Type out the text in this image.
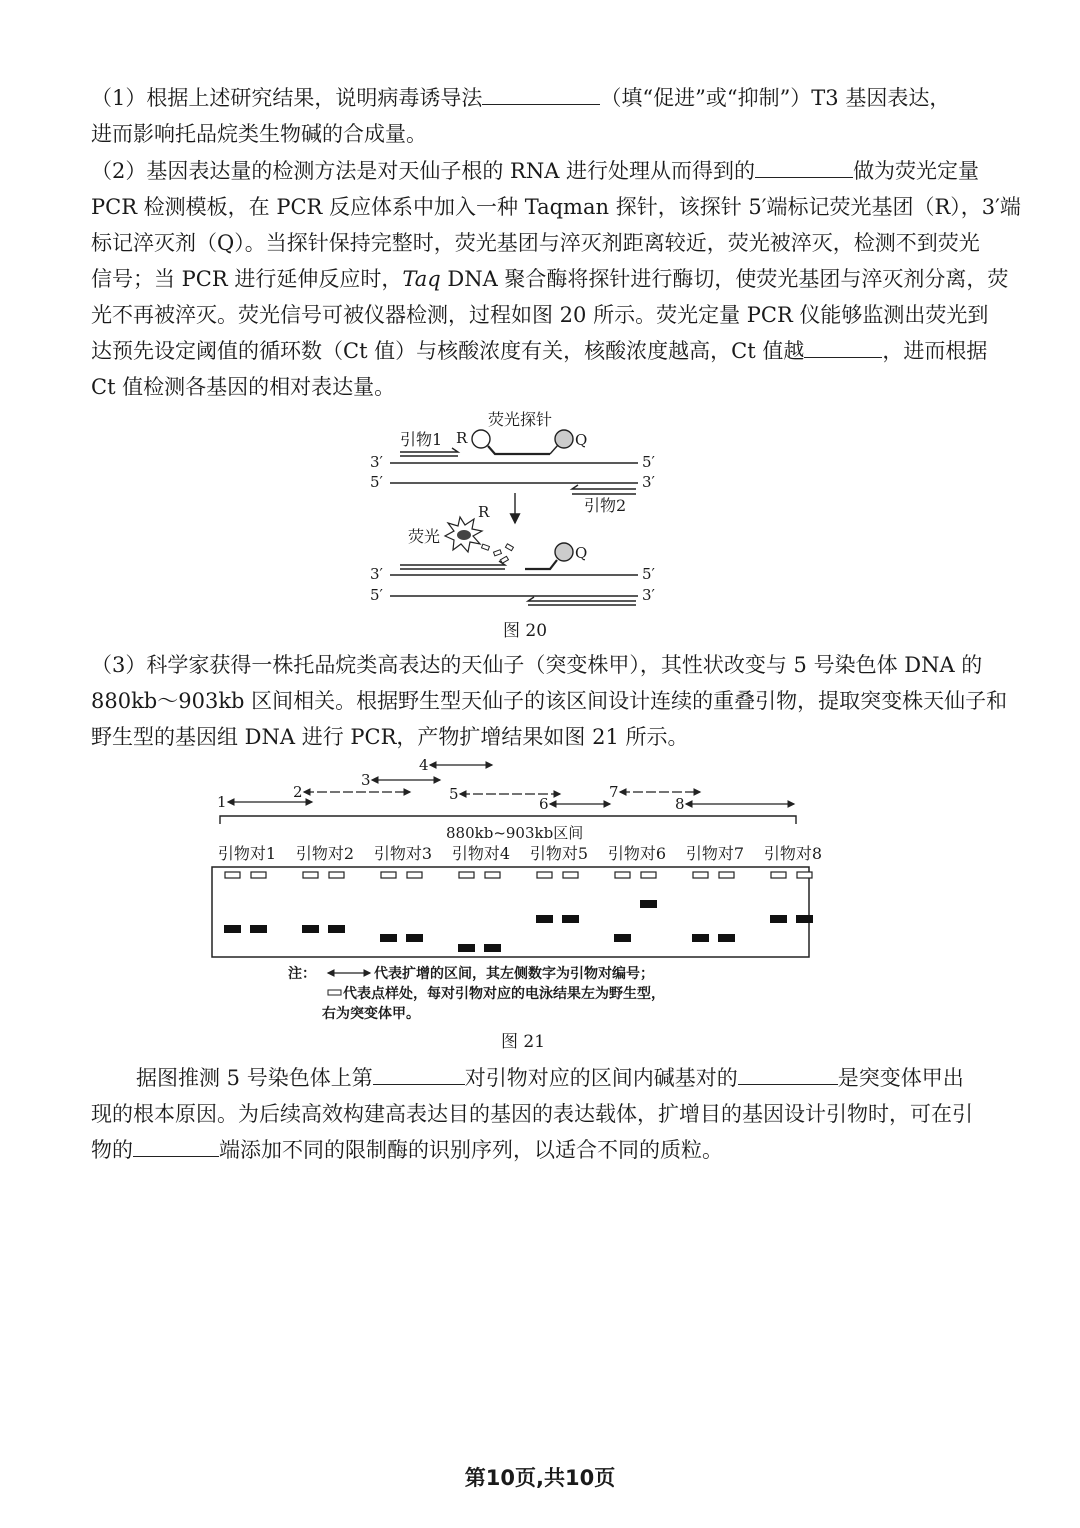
（1）根据上述研究结果，说明病毒诱导法	（填“促进”或“抑制”）T3 基因表达，
进而影响托品烷类生物碱的合成量。
（2）基因表达量的检测方法是对天仙子根的 RNA 进行处理从而得到的	做为荧光定量
PCR 检测模板，在 PCR 反应体系中加入一种 Taqman 探针，该探针 5′端标记荧光基团（R），3′端
标记淬灭剂（Q）。当探针保持完整时，荧光基团与淬灭剂距离较近，荧光被淬灭，检测不到荧光
信号；当 PCR 进行延伸反应时，Taq DNA 聚合酶将探针进行酶切，使荧光基团与淬灭剂分离，荧
光不再被淬灭。荧光信号可被仪器检测，过程如图 20 所示。荧光定量 PCR 仪能够监测出荧光到
达预先设定阈值的循环数（Ct 值）与核酸浓度有关，核酸浓度越高，Ct 值越	，进而根据
Ct 值检测各基因的相对表达量。
荧光探针
引物1 R	Q
3′	5′
5′	3′
引物2
荧光
R
Q
3′	5′
5′	3′
图 20
（3）科学家获得一株托品烷类高表达的天仙子（突变株甲），其性状改变与 5 号染色体 DNA 的
880kb～903kb 区间相关。根据野生型天仙子的该区间设计连续的重叠引物，提取突变株天仙子和
野生型的基因组 DNA 进行 PCR，产物扩增结果如图 21 所示。
1
2
3
4
5
6
7
8
880kb~903kb区间
引物对1 引物对2 引物对3 引物对4 引物对5 引物对6 引物对7 引物对8
注：	代表扩增的区间，其左侧数字为引物对编号；
代表点样处，每对引物对应的电泳结果左为野生型，
右为突变体甲。
图 21
据图推测 5 号染色体上第	对引物对应的区间内碱基对的	是突变体甲出
现的根本原因。为后续高效构建高表达目的基因的表达载体，扩增目的基因设计引物时，可在引
物的	端添加不同的限制酶的识别序列，以适合不同的质粒。
第10页,共10页
